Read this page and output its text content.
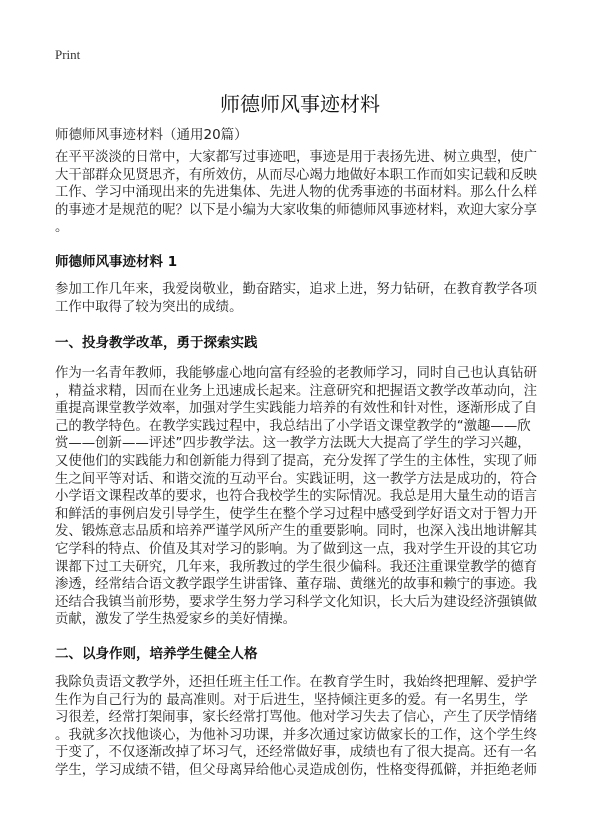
Print
师德师风事迹材料
师德师风事迹材料（通用20篇）
在平平淡淡的日常中，大家都写过事迹吧，事迹是用于表扬先进、树立典型，使广
大干部群众见贤思齐，有所效仿，从而尽心竭力地做好本职工作而如实记载和反映
工作、学习中涌现出来的先进集体、先进人物的优秀事迹的书面材料。那么什么样
的事迹才是规范的呢？以下是小编为大家收集的师德师风事迹材料，欢迎大家分享
。
师德师风事迹材料 1
参加工作几年来，我爱岗敬业，勤奋踏实，追求上进，努力钻研，在教育教学各项
工作中取得了较为突出的成绩。
一、投身教学改革，勇于探索实践
作为一名青年教师，我能够虚心地向富有经验的老教师学习，同时自己也认真钻研
，精益求精，因而在业务上迅速成长起来。注意研究和把握语文教学改革动向，注
重提高课堂教学效率，加强对学生实践能力培养的有效性和针对性，逐渐形成了自
己的教学特色。在教学实践过程中，我总结出了小学语文课堂教学的“激趣——欣
赏——创新——评述”四步教学法。这一教学方法既大大提高了学生的学习兴趣，
又使他们的实践能力和创新能力得到了提高，充分发挥了学生的主体性，实现了师
生之间平等对话、和谐交流的互动平台。实践证明，这一教学方法是成功的，符合
小学语文课程改革的要求，也符合我校学生的实际情况。我总是用大量生动的语言
和鲜活的事例启发引导学生，使学生在整个学习过程中感受到学好语文对于智力开
发、锻炼意志品质和培养严谨学风所产生的重要影响。同时，也深入浅出地讲解其
它学科的特点、价值及其对学习的影响。为了做到这一点，我对学生开设的其它功
课都下过工夫研究，几年来，我所教过的学生很少偏科。我还注重课堂教学的德育
渗透，经常结合语文教学跟学生讲雷锋、董存瑞、黄继光的故事和赖宁的事迹。我
还结合我镇当前形势，要求学生努力学习科学文化知识，长大后为建设经济强镇做
贡献，激发了学生热爱家乡的美好情操。
二、以身作则，培养学生健全人格
我除负责语文教学外，还担任班主任工作。在教育学生时，我始终把理解、爱护学
生作为自己行为的 最高准则。对于后进生，坚持倾注更多的爱。有一名男生，学
习很差，经常打架闹事，家长经常打骂他。他对学习失去了信心，产生了厌学情绪
。我就多次找他谈心，为他补习功课，并多次通过家访做家长的工作，这个学生终
于变了，不仅逐渐改掉了坏习气，还经常做好事，成绩也有了很大提高。还有一名
学生，学习成绩不错，但父母离异给他心灵造成创伤，性格变得孤僻，并拒绝老师
